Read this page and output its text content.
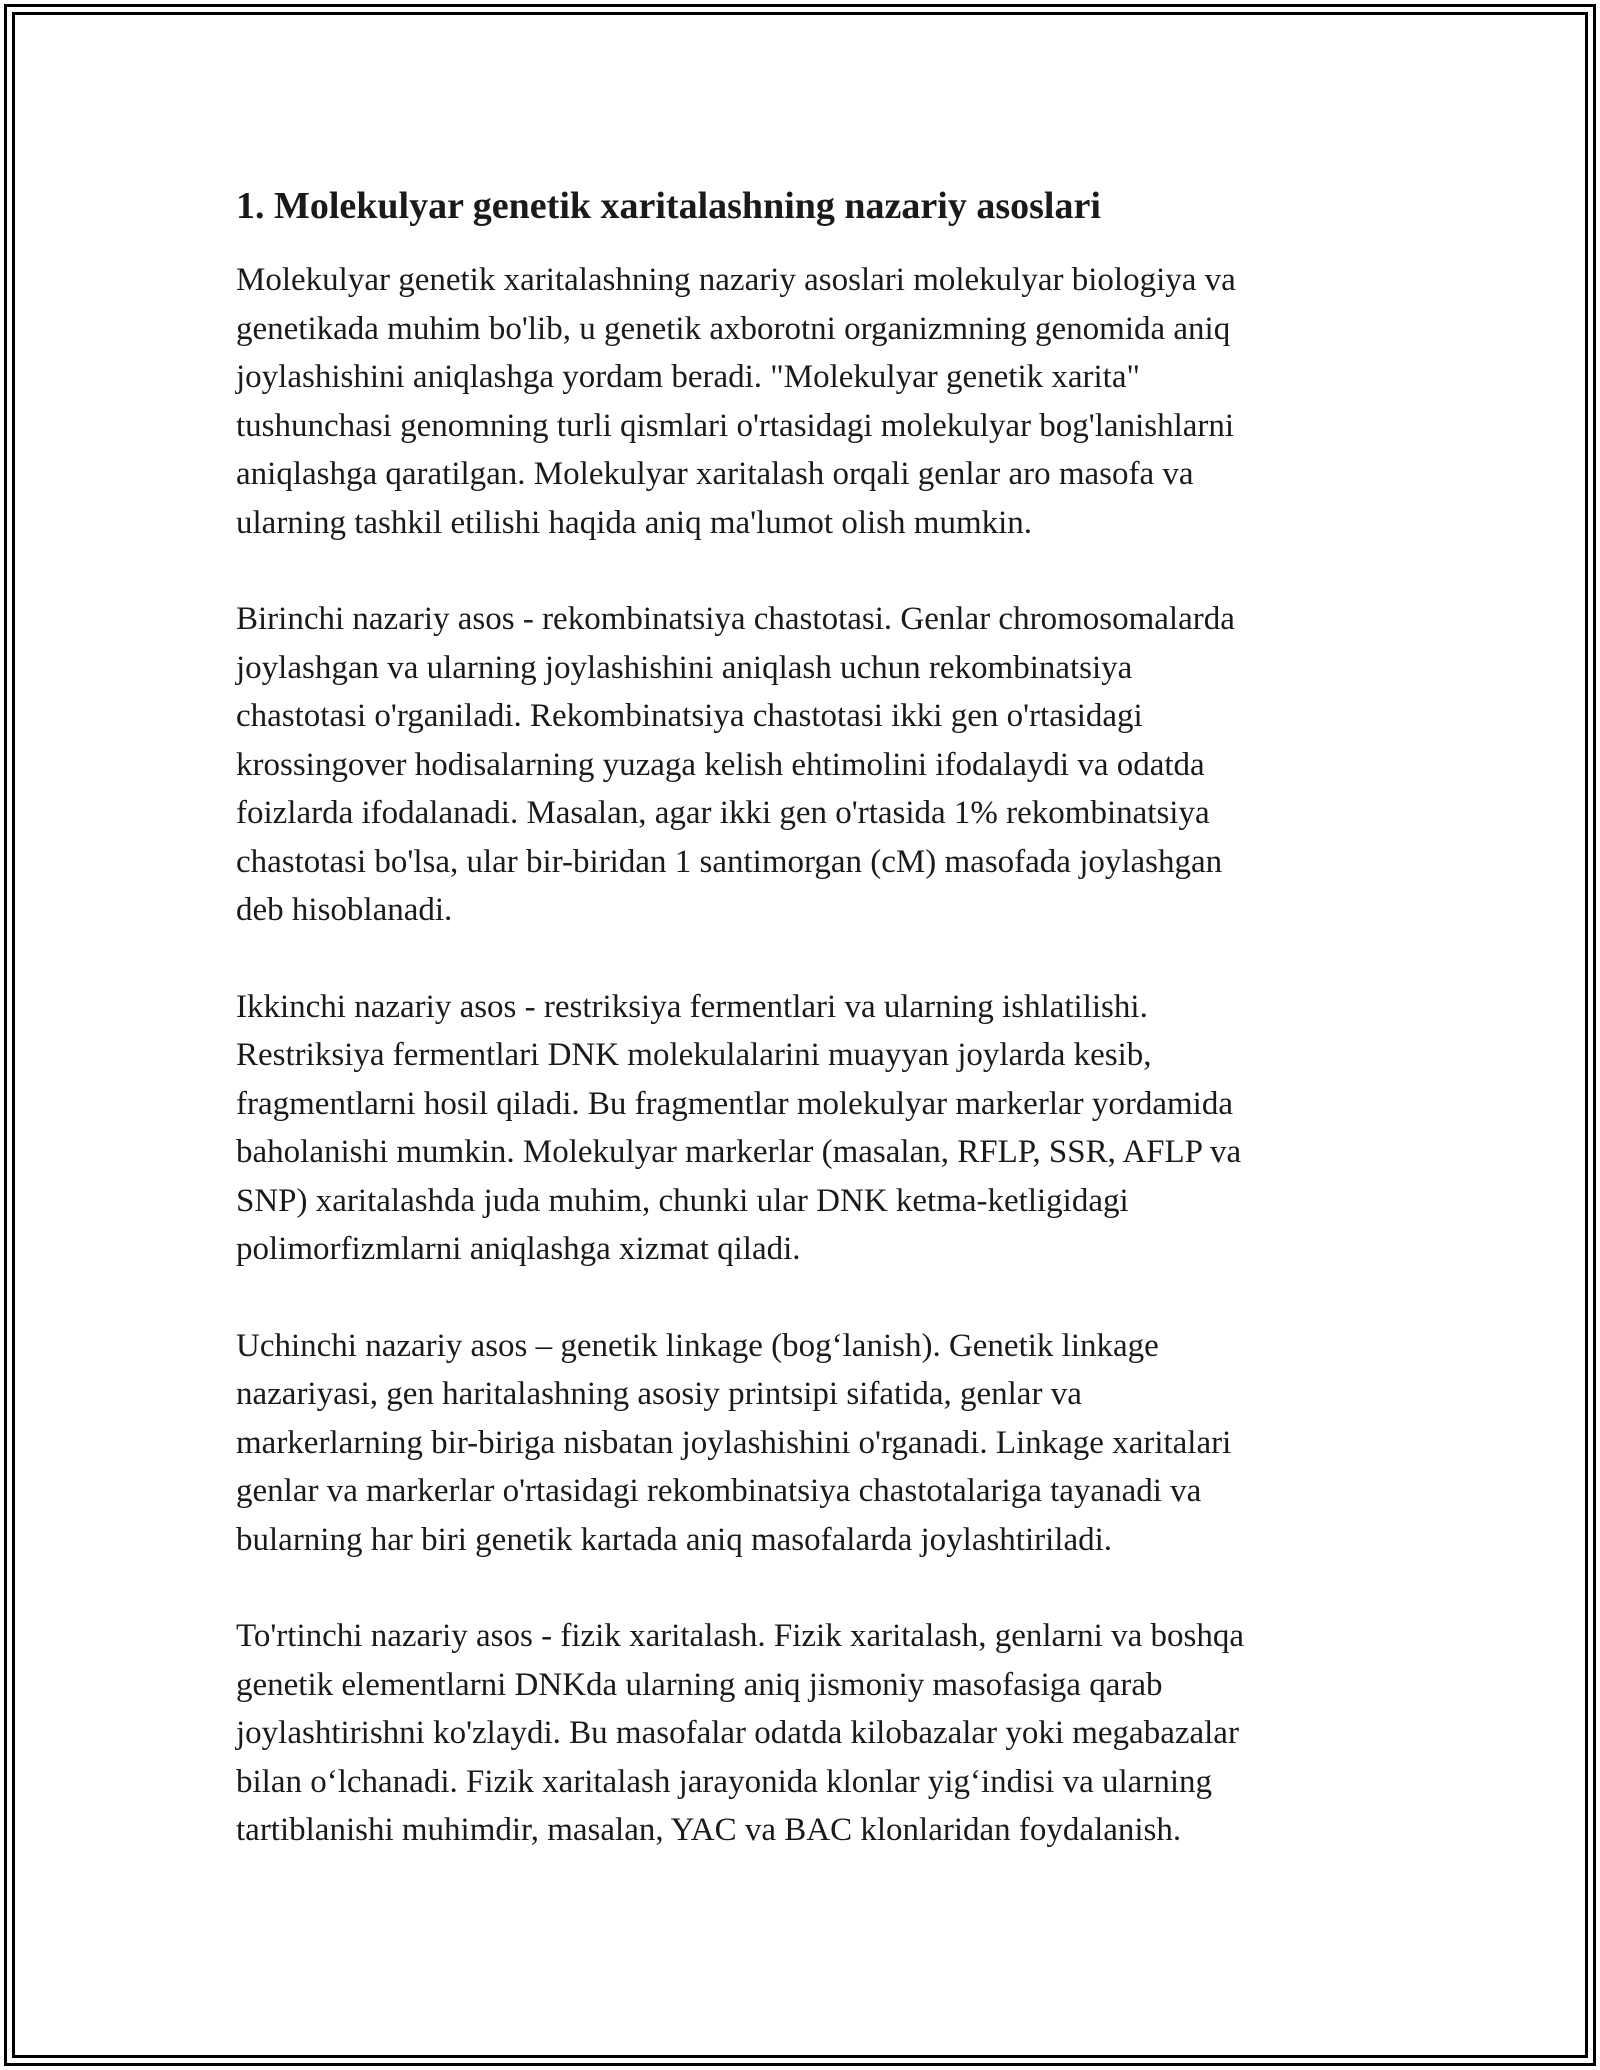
1. Molekulyar genetik xaritalashning nazariy asoslari

Molekulyar genetik xaritalashning nazariy asoslari molekulyar biologiya va
genetikada muhim bo'lib, u genetik axborotni organizmning genomida aniq
joylashishini aniqlashga yordam beradi. "Molekulyar genetik xarita"
tushunchasi genomning turli qismlari o'rtasidagi molekulyar bog'lanishlarni
aniqlashga qaratilgan. Molekulyar xaritalash orqali genlar aro masofa va
ularning tashkil etilishi haqida aniq ma'lumot olish mumkin.

Birinchi nazariy asos - rekombinatsiya chastotasi. Genlar chromosomalarda
joylashgan va ularning joylashishini aniqlash uchun rekombinatsiya
chastotasi o'rganiladi. Rekombinatsiya chastotasi ikki gen o'rtasidagi
krossingover hodisalarning yuzaga kelish ehtimolini ifodalaydi va odatda
foizlarda ifodalanadi. Masalan, agar ikki gen o'rtasida 1% rekombinatsiya
chastotasi bo'lsa, ular bir-biridan 1 santimorgan (cM) masofada joylashgan
deb hisoblanadi.

Ikkinchi nazariy asos - restriksiya fermentlari va ularning ishlatilishi.
Restriksiya fermentlari DNK molekulalarini muayyan joylarda kesib,
fragmentlarni hosil qiladi. Bu fragmentlar molekulyar markerlar yordamida
baholanishi mumkin. Molekulyar markerlar (masalan, RFLP, SSR, AFLP va
SNP) xaritalashda juda muhim, chunki ular DNK ketma-ketligidagi
polimorfizmlarni aniqlashga xizmat qiladi.

Uchinchi nazariy asos – genetik linkage (bog‘lanish). Genetik linkage
nazariyasi, gen haritalashning asosiy printsipi sifatida, genlar va
markerlarning bir-biriga nisbatan joylashishini o'rganadi. Linkage xaritalari
genlar va markerlar o'rtasidagi rekombinatsiya chastotalariga tayanadi va
bularning har biri genetik kartada aniq masofalarda joylashtiriladi.

To'rtinchi nazariy asos - fizik xaritalash. Fizik xaritalash, genlarni va boshqa
genetik elementlarni DNKda ularning aniq jismoniy masofasiga qarab
joylashtirishni ko'zlaydi. Bu masofalar odatda kilobazalar yoki megabazalar
bilan o‘lchanadi. Fizik xaritalash jarayonida klonlar yig‘indisi va ularning
tartiblanishi muhimdir, masalan, YAC va BAC klonlaridan foydalanish.
